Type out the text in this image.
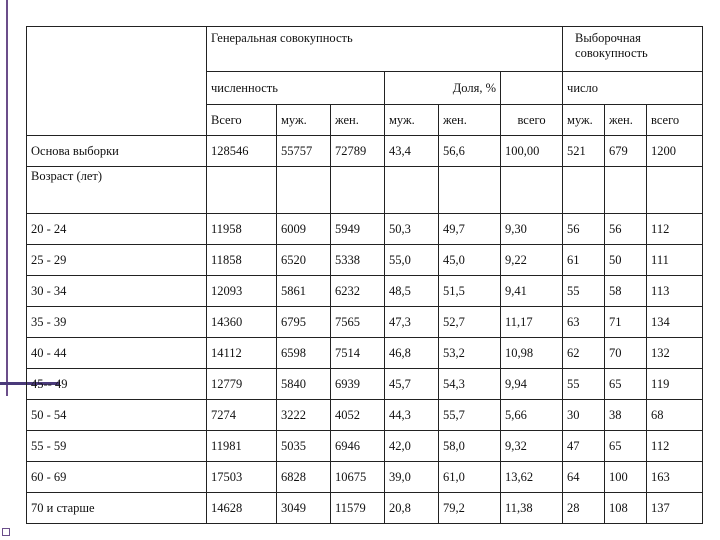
	Генеральная совокупность						Выборочная совокупность		
	численность			Доля, %			число		
	Всего	муж.	жен.	муж.	жен.	всего	муж.	жен.	всего
Основа выборки	128546	55757	72789	43,4	56,6	100,00	521	679	1200
Возраст (лет)									
20 - 24	11958	6009	5949	50,3	49,7	9,30	56	56	112
25 - 29	11858	6520	5338	55,0	45,0	9,22	61	50	111
30 - 34	12093	5861	6232	48,5	51,5	9,41	55	58	113
35 - 39	14360	6795	7565	47,3	52,7	11,17	63	71	134
40 - 44	14112	6598	7514	46,8	53,2	10,98	62	70	132
45-- 49	12779	5840	6939	45,7	54,3	9,94	55	65	119
50 - 54	7274	3222	4052	44,3	55,7	5,66	30	38	68
55 - 59	11981	5035	6946	42,0	58,0	9,32	47	65	112
60 - 69	17503	6828	10675	39,0	61,0	13,62	64	100	163
70 и старше	14628	3049	11579	20,8	79,2	11,38	28	108	137
